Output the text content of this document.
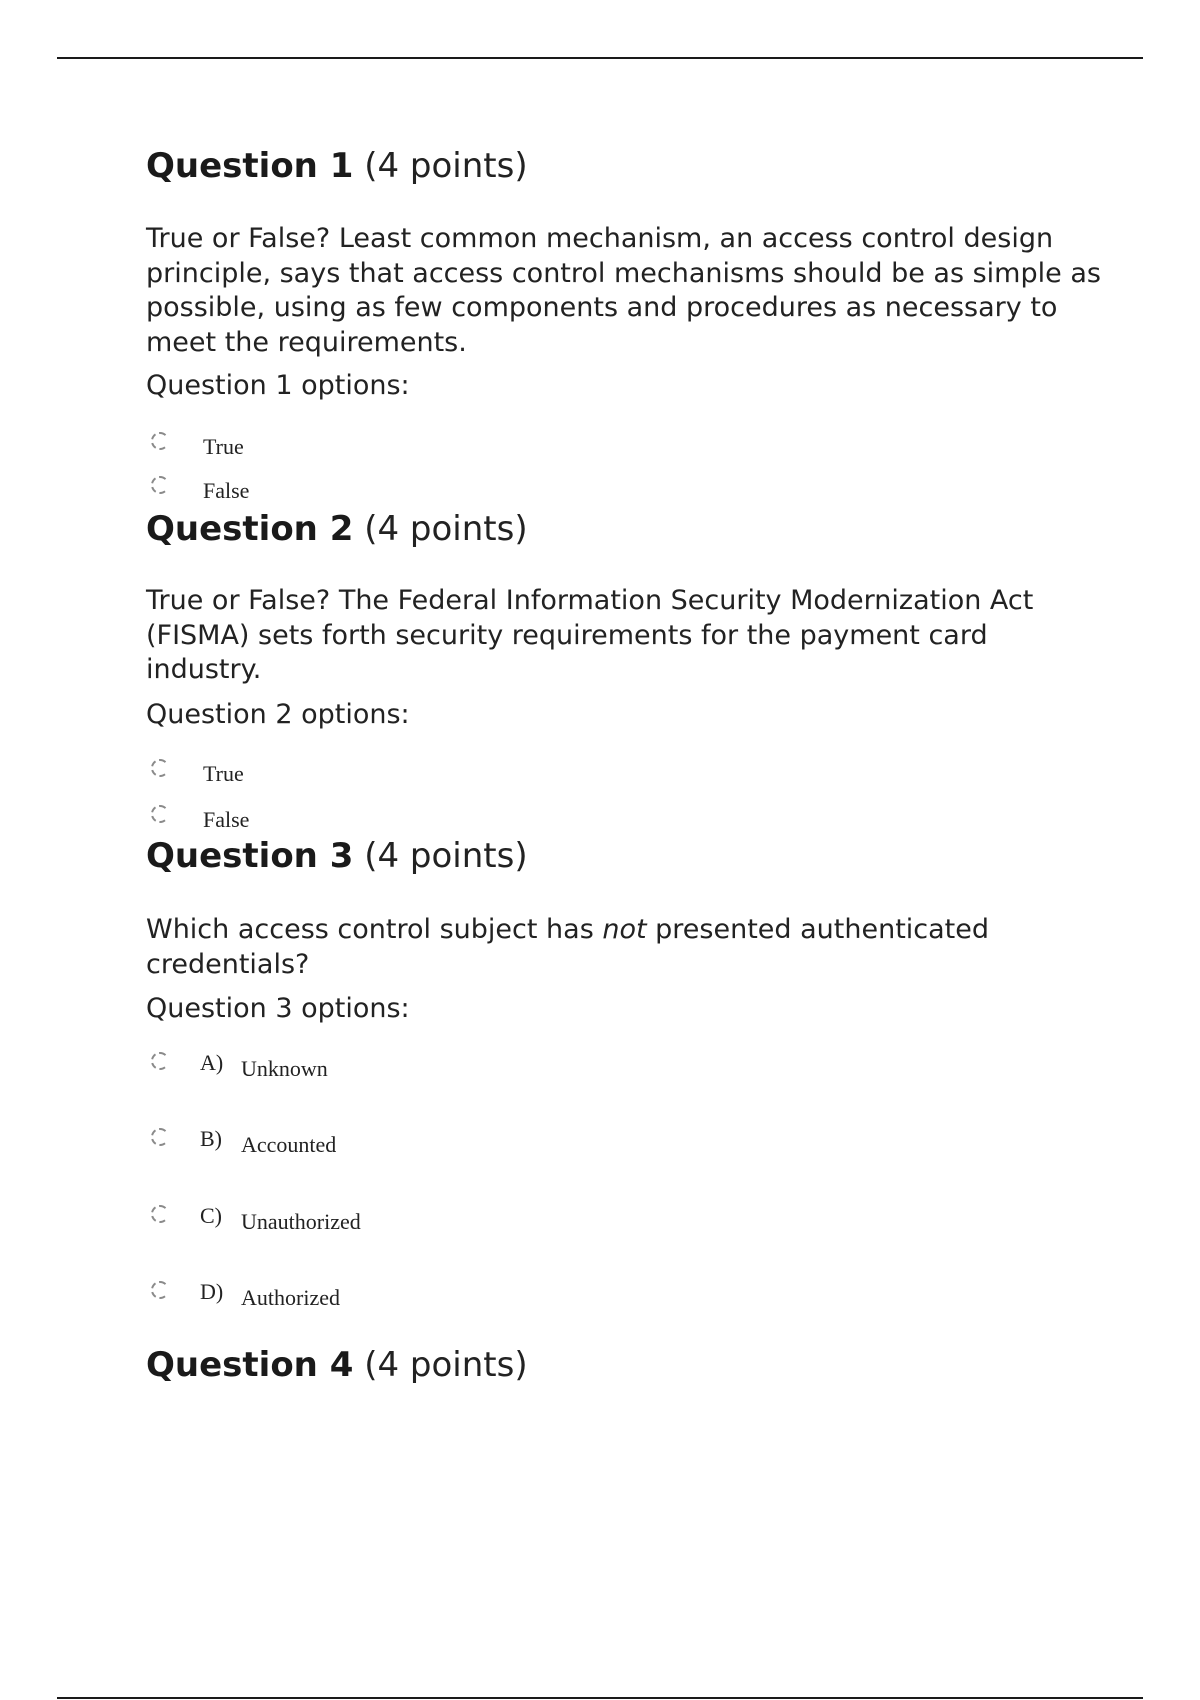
Question 1 (4 points)

True or False? Least common mechanism, an access control design principle, says that access control mechanisms should be as simple as possible, using as few components and procedures as necessary to meet the requirements.

Question 1 options:

True
False
Question 2 (4 points)

True or False? The Federal Information Security Modernization Act (FISMA) sets forth security requirements for the payment card industry.

Question 2 options:

True
False
Question 3 (4 points)

Which access control subject has not presented authenticated credentials?

Question 3 options:

A) Unknown
B) Accounted
C) Unauthorized
D) Authorized
Question 4 (4 points)
